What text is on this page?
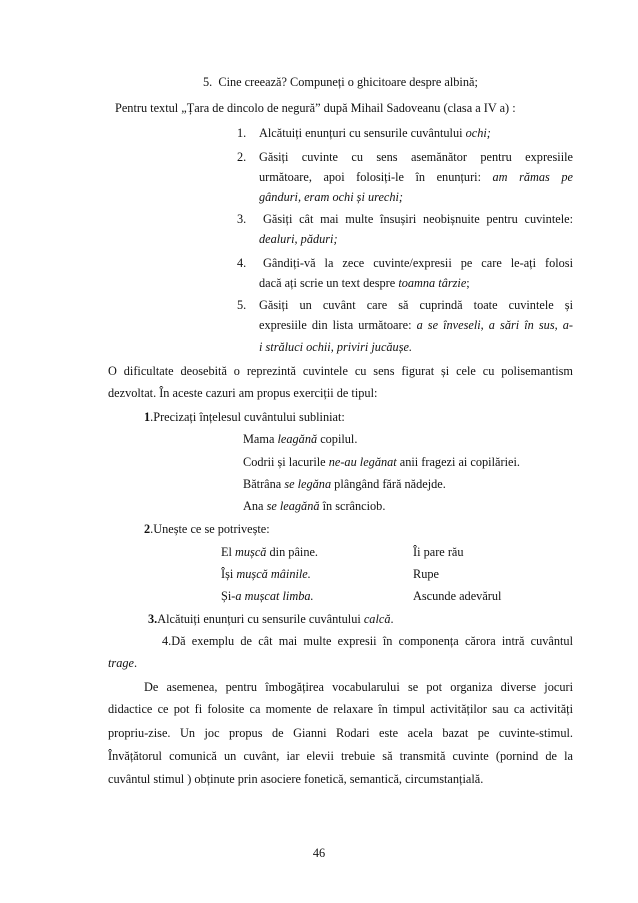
5.  Cine creează? Compuneți o ghicitoare despre albină;
Pentru textul „Țara de dincolo de negură” după Mihail Sadoveanu (clasa a IV a) :
1. Alcătuiți enunțuri cu sensurile cuvântului ochi;
2. Găsiți cuvinte cu sens asemănător pentru expresiile
următoare, apoi folosiți-le în enunțuri: am rămas pe
gânduri, eram ochi și urechi;
3. Găsiți cât mai multe însușiri neobișnuite pentru cuvintele:
dealuri, păduri;
4. Gândiți-vă la zece cuvinte/expresii pe care le-ați folosi
dacă ați scrie un text despre toamna târzie;
5. Găsiți un cuvânt care să cuprindă toate cuvintele și
expresiile din lista următoare: a se înveseli, a sări în sus, a-
i străluci ochii, priviri jucăușe.
O dificultate deosebită o reprezintă cuvintele cu sens figurat și cele cu polisemantism
dezvoltat. În aceste cazuri am propus exerciții de tipul:
1.Precizați înțelesul cuvântului subliniat:
Mama leagănă copilul.
Codrii și lacurile ne-au legănat anii fragezi ai copilăriei.
Bătrâna se legăna plângând fără nădejde.
Ana se leagănă în scrânciob.
2.Unește ce se potrivește:
El mușcă din pâine.	Îi pare rău
Își mușcă mâinile.	Rupe
Și-a mușcat limba.	Ascunde adevărul
3.Alcătuiți enunțuri cu sensurile cuvântului calcă.
4.Dă exemplu de cât mai multe expresii în componența cărora intră cuvântul
trage.
De asemenea, pentru îmbogățirea vocabularului se pot organiza diverse jocuri
didactice ce pot fi folosite ca momente de relaxare în timpul activităților sau ca activități
propriu-zise. Un joc propus de Gianni Rodari este acela bazat pe cuvinte-stimul.
Învățătorul comunică un cuvânt, iar elevii trebuie să transmită cuvinte (pornind de la
cuvântul stimul ) obținute prin asociere fonetică, semantică, circumstanțială.
46
